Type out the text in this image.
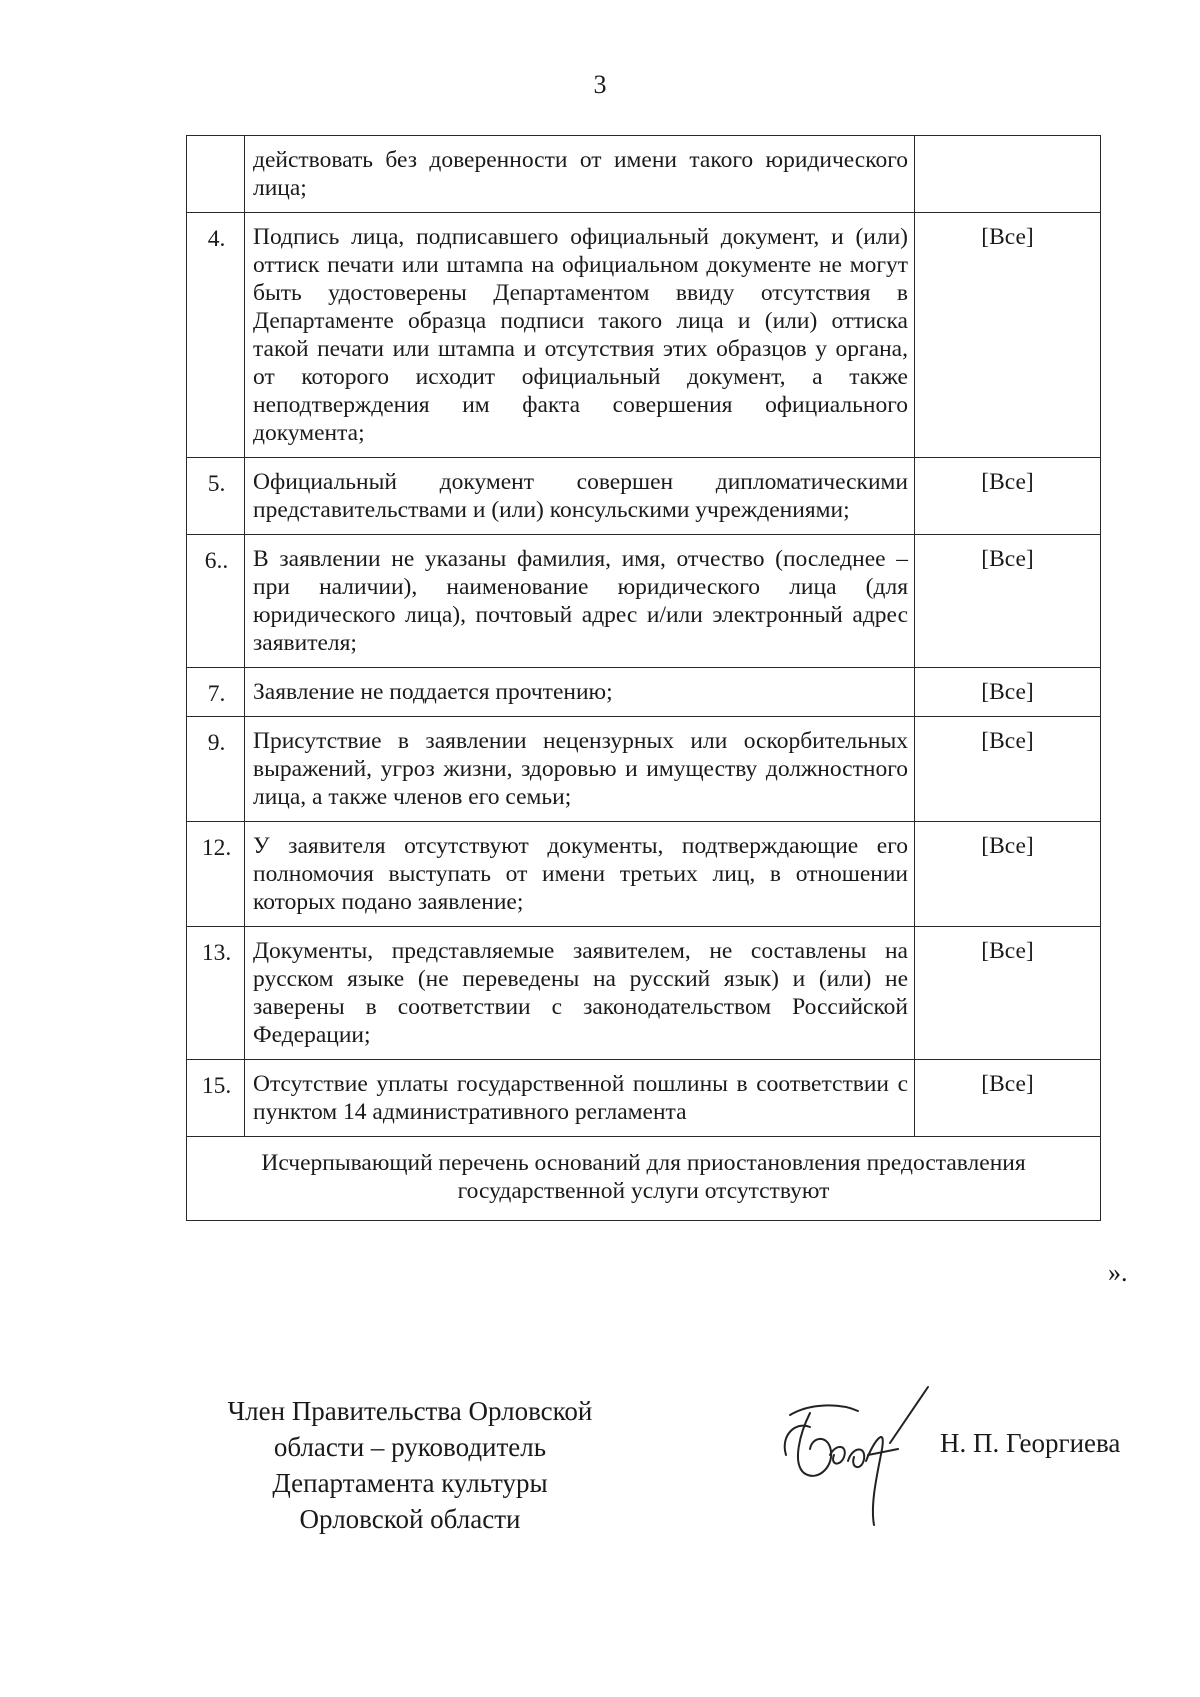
3
	действовать без доверенности от имени такого юридического лица;	
4.	Подпись лица, подписавшего официальный документ, и (или) оттиск печати или штампа на официальном документе не могут быть удостоверены Департаментом ввиду отсутствия в Департаменте образца подписи такого лица и (или) оттиска такой печати или штампа и отсутствия этих образцов у органа, от которого исходит официальный документ, а также неподтверждения им факта совершения официального документа;	[Все]
5.	Официальный документ совершен дипломатическими представительствами и (или) консульскими учреждениями;	[Все]
6..	В заявлении не указаны фамилия, имя, отчество (последнее – при наличии), наименование юридического лица (для юридического лица), почтовый адрес и/или электронный адрес заявителя;	[Все]
7.	Заявление не поддается прочтению;	[Все]
9.	Присутствие в заявлении нецензурных или оскорбительных выражений, угроз жизни, здоровью и имуществу должностного лица, а также членов его семьи;	[Все]
12.	У заявителя отсутствуют документы, подтверждающие его полномочия выступать от имени третьих лиц, в отношении которых подано заявление;	[Все]
13.	Документы, представляемые заявителем, не составлены на русском языке (не переведены на русский язык) и (или) не заверены в соответствии с законодательством Российской Федерации;	[Все]
15.	Отсутствие уплаты государственной пошлины в соответствии с пунктом 14 административного регламента	[Все]
Исчерпывающий перечень оснований для приостановления предоставления государственной услуги отсутствуют		
».
Член Правительства Орловской
области – руководитель
Департамента культуры
Орловской области
Н. П. Георгиева
